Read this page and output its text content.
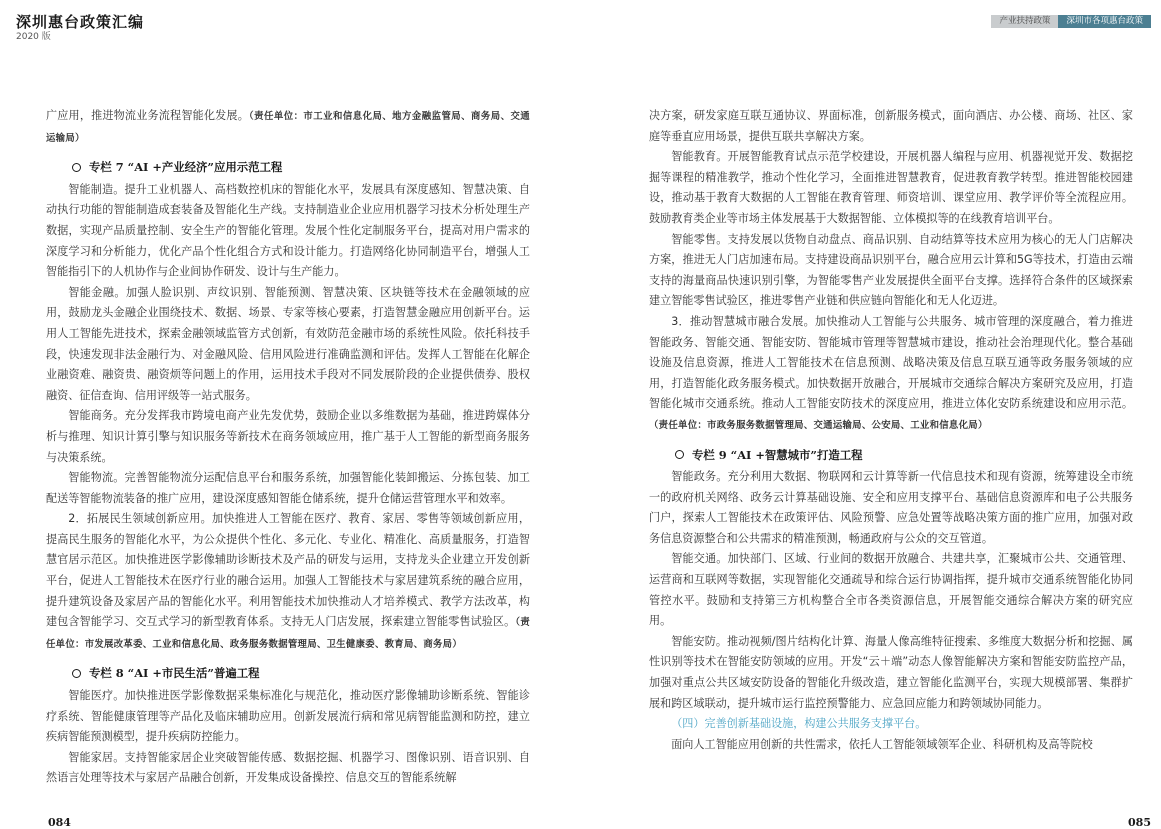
深圳惠台政策汇编
2020 版
产业扶持政策	深圳市各项惠台政策

广应用，推进物流业务流程智能化发展。（责任单位：市工业和信息化局、地方金融监管局、商务局、交通运输局）

专栏 7 “AI +产业经济”应用示范工程

智能制造。提升工业机器人、高档数控机床的智能化水平，发展具有深度感知、智慧决策、自动执行功能的智能制造成套装备及智能化生产线。支持制造业企业应用机器学习技术分析处理生产数据，实现产品质量控制、安全生产的智能化管理。发展个性化定制服务平台，提高对用户需求的深度学习和分析能力，优化产品个性化组合方式和设计能力。打造网络化协同制造平台，增强人工智能指引下的人机协作与企业间协作研发、设计与生产能力。

智能金融。加强人脸识别、声纹识别、智能预测、智慧决策、区块链等技术在金融领域的应用，鼓励龙头金融企业围绕技术、数据、场景、专家等核心要素，打造智慧金融应用创新平台。运用人工智能先进技术，探索金融领域监管方式创新，有效防范金融市场的系统性风险。依托科技手段，快速发现非法金融行为、对金融风险、信用风险进行准确监测和评估。发挥人工智能在化解企业融资难、融资贵、融资烦等问题上的作用，运用技术手段对不同发展阶段的企业提供债券、股权融资、征信查询、信用评级等一站式服务。

智能商务。充分发挥我市跨境电商产业先发优势，鼓励企业以多维数据为基础，推进跨媒体分析与推理、知识计算引擎与知识服务等新技术在商务领域应用，推广基于人工智能的新型商务服务与决策系统。

智能物流。完善智能物流分运配信息平台和服务系统，加强智能化装卸搬运、分拣包装、加工配送等智能物流装备的推广应用，建设深度感知智能仓储系统，提升仓储运营管理水平和效率。

2．拓展民生领域创新应用。加快推进人工智能在医疗、教育、家居、零售等领域创新应用，提高民生服务的智能化水平，为公众提供个性化、多元化、专业化、精准化、高质量服务，打造智慧官居示范区。加快推进医学影像辅助诊断技术及产品的研发与运用，支持龙头企业建立开发创新平台，促进人工智能技术在医疗行业的融合运用。加强人工智能技术与家居建筑系统的融合应用，提升建筑设备及家居产品的智能化水平。利用智能技术加快推动人才培养模式、教学方法改革，构建包含智能学习、交互式学习的新型教育体系。支持无人门店发展，探索建立智能零售试验区。（责任单位：市发展改革委、工业和信息化局、政务服务数据管理局、卫生健康委、教育局、商务局）

专栏 8 “AI +市民生活”普遍工程

智能医疗。加快推进医学影像数据采集标准化与规范化，推动医疗影像辅助诊断系统、智能诊疗系统、智能健康管理等产品化及临床辅助应用。创新发展流行病和常见病智能监测和防控，建立疾病智能预测模型，提升疾病防控能力。

智能家居。支持智能家居企业突破智能传感、数据挖掘、机器学习、图像识别、语音识别、自然语言处理等技术与家居产品融合创新，开发集成设备操控、信息交互的智能系统解

决方案，研发家庭互联互通协议、界面标准，创新服务模式，面向酒店、办公楼、商场、社区、家庭等垂直应用场景，提供互联共享解决方案。

智能教育。开展智能教育试点示范学校建设，开展机器人编程与应用、机器视觉开发、数据挖掘等课程的精准教学，推动个性化学习，全面推进智慧教育，促进教育教学转型。推进智能校园建设，推动基于教育大数据的人工智能在教育管理、师资培训、课堂应用、教学评价等全流程应用。鼓励教育类企业等市场主体发展基于大数据智能、立体模拟等的在线教育培训平台。

智能零售。支持发展以货物自动盘点、商品识别、自动结算等技术应用为核心的无人门店解决方案，推进无人门店加速布局。支持建设商品识别平台，融合应用云计算和5G等技术，打造由云端支持的海量商品快速识别引擎，为智能零售产业发展提供全面平台支撑。选择符合条件的区域探索建立智能零售试验区，推进零售产业链和供应链向智能化和无人化迈进。

3．推动智慧城市融合发展。加快推动人工智能与公共服务、城市管理的深度融合，着力推进智能政务、智能交通、智能安防、智能城市管理等智慧城市建设，推动社会治理现代化。整合基础设施及信息资源，推进人工智能技术在信息预测、战略决策及信息互联互通等政务服务领域的应用，打造智能化政务服务模式。加快数据开放融合，开展城市交通综合解决方案研究及应用，打造智能化城市交通系统。推动人工智能安防技术的深度应用，推进立体化安防系统建设和应用示范。（责任单位：市政务服务数据管理局、交通运输局、公安局、工业和信息化局）

专栏 9 “AI +智慧城市”打造工程

智能政务。充分利用大数据、物联网和云计算等新一代信息技术和现有资源，统筹建设全市统一的政府机关网络、政务云计算基础设施、安全和应用支撑平台、基础信息资源库和电子公共服务门户，探索人工智能技术在政策评估、风险预警、应急处置等战略决策方面的推广应用，加强对政务信息资源整合和公共需求的精准预测，畅通政府与公众的交互管道。

智能交通。加快部门、区域、行业间的数据开放融合、共建共享，汇聚城市公共、交通管理、运营商和互联网等数据，实现智能化交通疏导和综合运行协调指挥，提升城市交通系统智能化协同管控水平。鼓励和支持第三方机构整合全市各类资源信息，开展智能交通综合解决方案的研究应用。

智能安防。推动视频/图片结构化计算、海量人像高维特征搜索、多维度大数据分析和挖掘、属性识别等技术在智能安防领域的应用。开发“云＋端”动态人像智能解决方案和智能安防监控产品，加强对重点公共区域安防设备的智能化升级改造，建立智能化监测平台，实现大规模部署、集群扩展和跨区域联动，提升城市运行监控预警能力、应急回应能力和跨领域协同能力。

（四）完善创新基础设施，构建公共服务支撑平台。

面向人工智能应用创新的共性需求，依托人工智能领域领军企业、科研机构及高等院校

084	085
